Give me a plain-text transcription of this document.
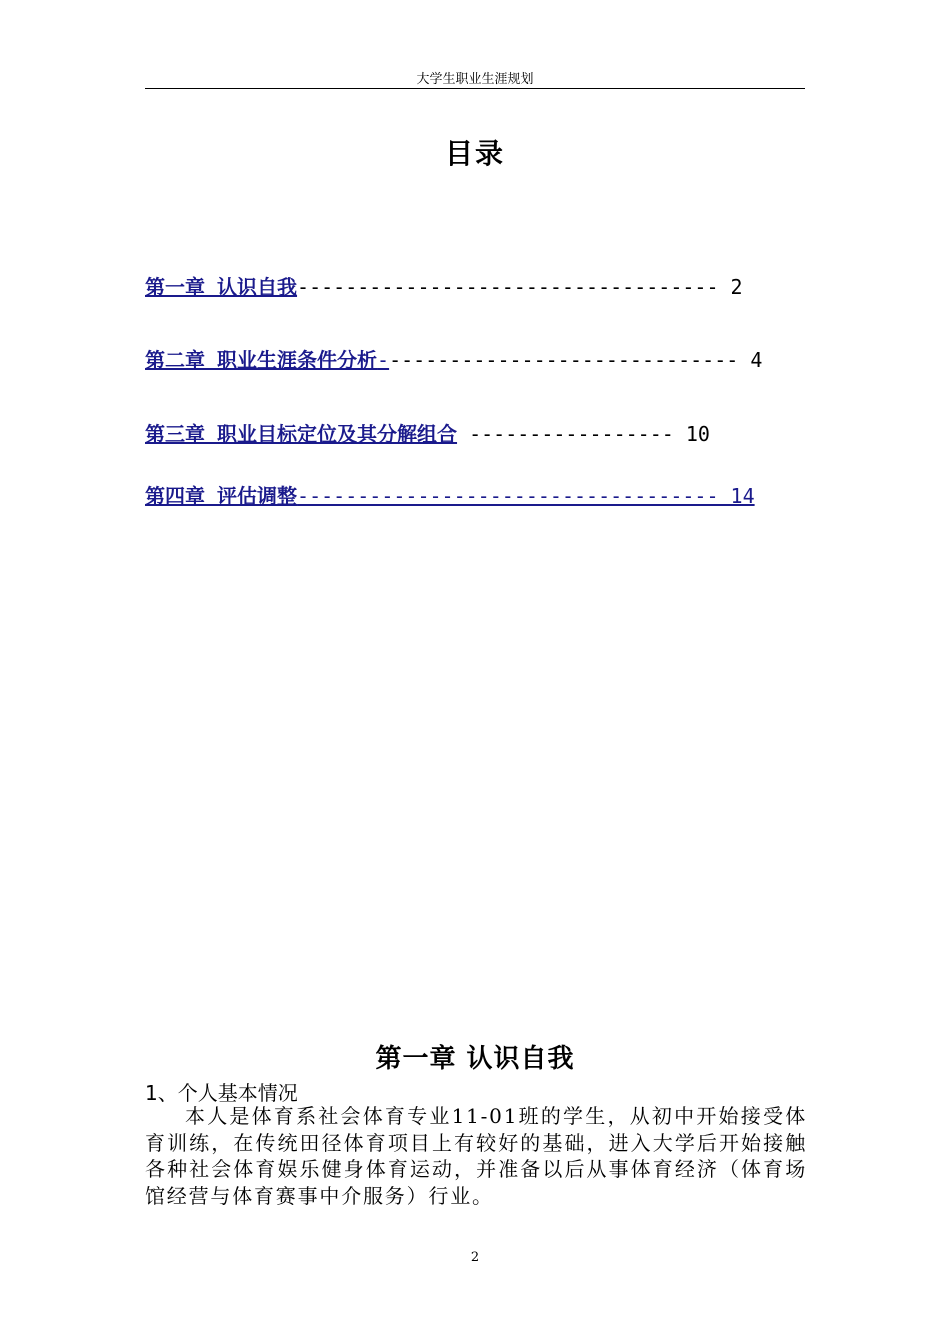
大学生职业生涯规划
目录
第一章 认识自我----------------------------------- 2
第二章 职业生涯条件分析------------------------------ 4
第三章 职业目标定位及其分解组合 ----------------- 10
第四章 评估调整----------------------------------- 14
第一章 认识自我
1、个人基本情况
本人是体育系社会体育专业11-01班的学生，从初中开始接受体育训练，在传统田径体育项目上有较好的基础，进入大学后开始接触各种社会体育娱乐健身体育运动，并准备以后从事体育经济（体育场馆经营与体育赛事中介服务）行业。
2
